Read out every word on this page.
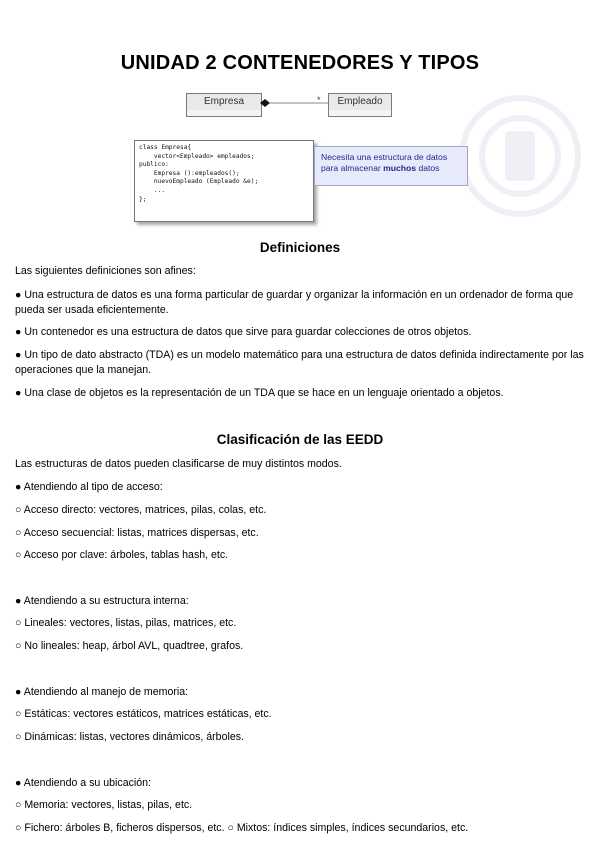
UNIDAD 2 CONTENEDORES Y TIPOS
Empresa	*	Empleado
class Empresa{
vector<Empleado> empleados;
publico:
Empresa ():empleados();
nuevoEmpleado (Empleado &e);
...
};
Necesita una estructura de datos para almacenar muchos datos
Definiciones
Las siguientes definiciones son afines:
● Una estructura de datos es una forma particular de guardar y organizar la información en un ordenador de forma que pueda ser usada eficientemente.
● Un contenedor es una estructura de datos que sirve para guardar colecciones de otros objetos.
● Un tipo de dato abstracto (TDA) es un modelo matemático para una estructura de datos definida indirectamente por las operaciones que la manejan.
● Una clase de objetos es la representación de un TDA que se hace en un lenguaje orientado a objetos.
Clasificación de las EEDD
Las estructuras de datos pueden clasificarse de muy distintos modos.
● Atendiendo al tipo de acceso:
○ Acceso directo: vectores, matrices, pilas, colas, etc.
○ Acceso secuencial: listas, matrices dispersas, etc.
○ Acceso por clave: árboles, tablas hash, etc.
● Atendiendo a su estructura interna:
○ Lineales: vectores, listas, pilas, matrices, etc.
○ No lineales: heap, árbol AVL, quadtree, grafos.
● Atendiendo al manejo de memoria:
○ Estáticas: vectores estáticos, matrices estáticas, etc.
○ Dinámicas: listas, vectores dinámicos, árboles.
● Atendiendo a su ubicación:
○ Memoria: vectores, listas, pilas, etc.
○ Fichero: árboles B, ficheros dispersos, etc. ○ Mixtos: índices simples, índices secundarios, etc.
